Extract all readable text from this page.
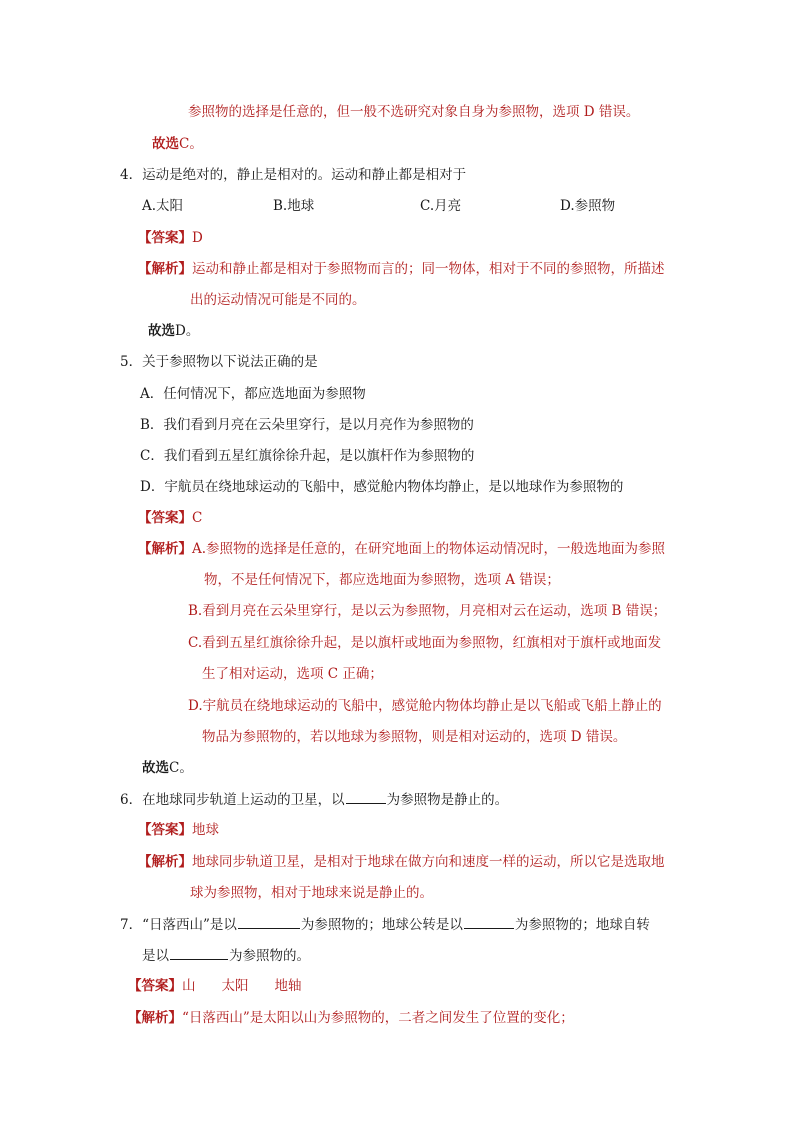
参照物的选择是任意的，但一般不选研究对象自身为参照物，选项 D 错误。
故选C。
4．运动是绝对的，静止是相对的。运动和静止都是相对于
A.太阳	B.地球	C.月亮	D.参照物
【答案】D
【解析】运动和静止都是相对于参照物而言的；同一物体，相对于不同的参照物，所描述
出的运动情况可能是不同的。
故选D。
5．关于参照物以下说法正确的是
A．任何情况下，都应选地面为参照物
B．我们看到月亮在云朵里穿行，是以月亮作为参照物的
C．我们看到五星红旗徐徐升起，是以旗杆作为参照物的
D．宇航员在绕地球运动的飞船中，感觉舱内物体均静止，是以地球作为参照物的
【答案】C
【解析】A.参照物的选择是任意的，在研究地面上的物体运动情况时，一般选地面为参照
物，不是任何情况下，都应选地面为参照物，选项 A 错误；
B.看到月亮在云朵里穿行，是以云为参照物，月亮相对云在运动，选项 B 错误；
C.看到五星红旗徐徐升起，是以旗杆或地面为参照物，红旗相对于旗杆或地面发
生了相对运动，选项 C 正确；
D.宇航员在绕地球运动的飞船中，感觉舱内物体均静止是以飞船或飞船上静止的
物品为参照物的，若以地球为参照物，则是相对运动的，选项 D 错误。
故选C。
6．在地球同步轨道上运动的卫星，以	为参照物是静止的。
【答案】地球
【解析】地球同步轨道卫星，是相对于地球在做方向和速度一样的运动，所以它是选取地
球为参照物，相对于地球来说是静止的。
7．“日落西山”是以	为参照物的；地球公转是以	为参照物的；地球自转
是以	为参照物的。
【答案】山 太阳 地轴
【解析】“日落西山”是太阳以山为参照物的，二者之间发生了位置的变化；
